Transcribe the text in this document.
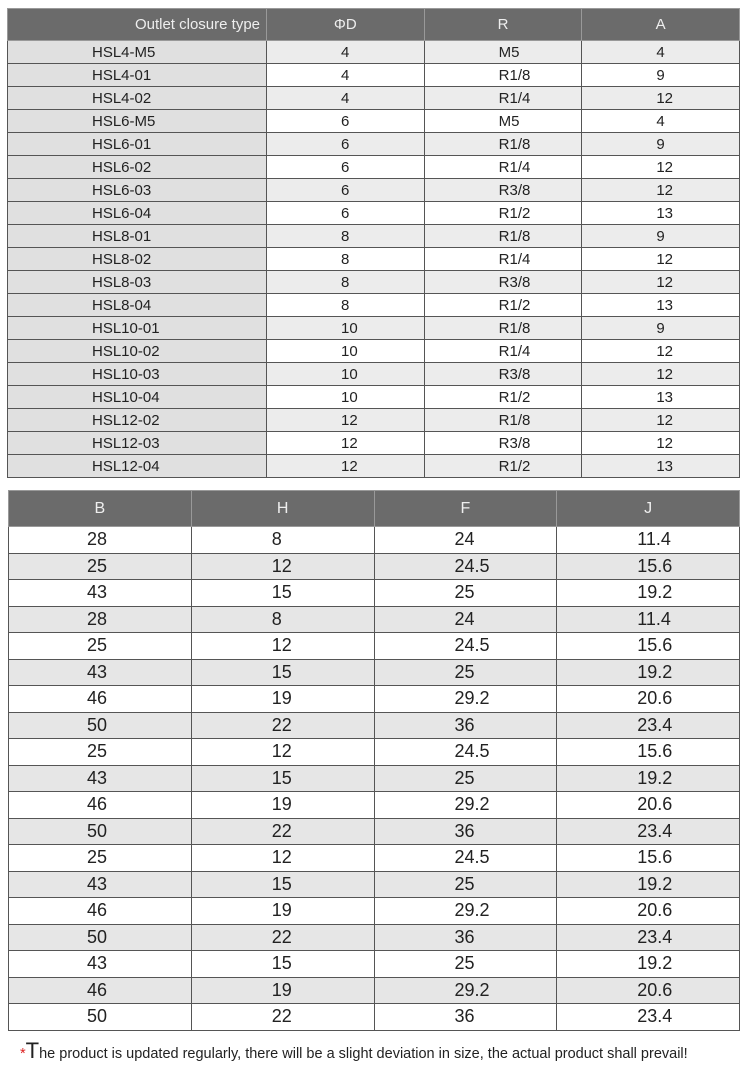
Outlet closure type	ΦD	R	A
HSL4-M5	4	M5	4
HSL4-01	4	R1/8	9
HSL4-02	4	R1/4	12
HSL6-M5	6	M5	4
HSL6-01	6	R1/8	9
HSL6-02	6	R1/4	12
HSL6-03	6	R3/8	12
HSL6-04	6	R1/2	13
HSL8-01	8	R1/8	9
HSL8-02	8	R1/4	12
HSL8-03	8	R3/8	12
HSL8-04	8	R1/2	13
HSL10-01	10	R1/8	9
HSL10-02	10	R1/4	12
HSL10-03	10	R3/8	12
HSL10-04	10	R1/2	13
HSL12-02	12	R1/8	12
HSL12-03	12	R3/8	12
HSL12-04	12	R1/2	13
B	H	F	J
28	8	24	11.4
25	12	24.5	15.6
43	15	25	19.2
28	8	24	11.4
25	12	24.5	15.6
43	15	25	19.2
46	19	29.2	20.6
50	22	36	23.4
25	12	24.5	15.6
43	15	25	19.2
46	19	29.2	20.6
50	22	36	23.4
25	12	24.5	15.6
43	15	25	19.2
46	19	29.2	20.6
50	22	36	23.4
43	15	25	19.2
46	19	29.2	20.6
50	22	36	23.4
*The product is updated regularly, there will be a slight deviation in size, the actual product shall prevail!
